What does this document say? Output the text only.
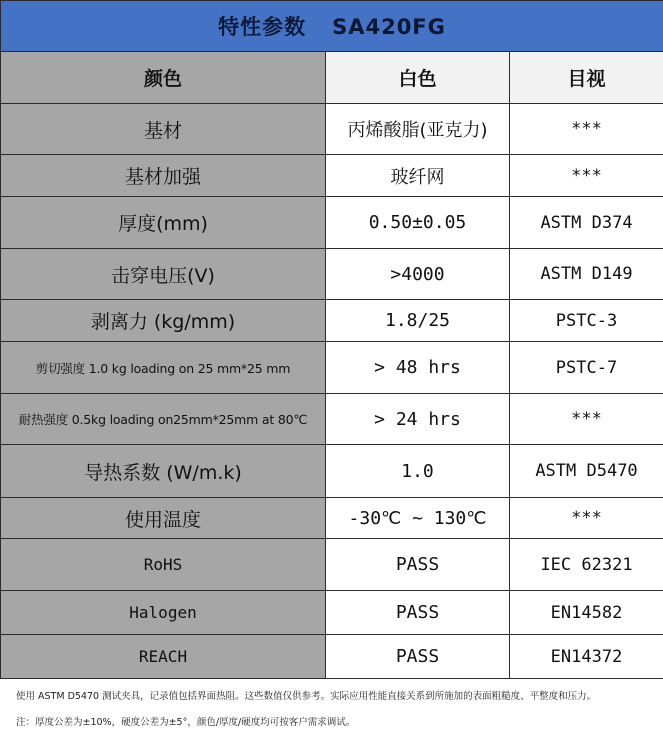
特性参数 SA420FG		
颜色	白色	目视
基材	丙烯酸脂(亚克力)	***
基材加强	玻纤网	***
厚度(mm)	0.50±0.05	ASTM D374
击穿电压(V)	>4000	ASTM D149
剥离力 (kg/mm)	1.8/25	PSTC-3
剪切强度 1.0 kg loading on 25 mm*25 mm	> 48 hrs	PSTC-7
耐热强度 0.5kg loading on25mm*25mm at 80℃	> 24 hrs	***
导热系数 (W/m.k)	1.0	ASTM D5470
使用温度	-30℃ ~ 130℃	***
RoHS	PASS	IEC 62321
Halogen	PASS	EN14582
REACH	PASS	EN14372
使用 ASTM D5470 测试夹具，记录值包括界面热阻。这些数值仅供参考。实际应用性能直接关系到所施加的表面粗糙度、平整度和压力。
注：厚度公差为±10%，硬度公差为±5°，颜色/厚度/硬度均可按客户需求调试。
